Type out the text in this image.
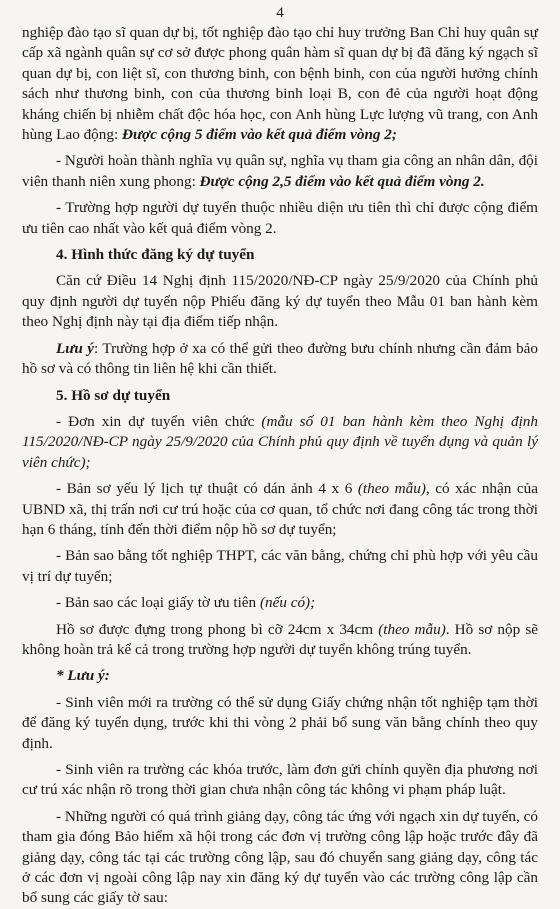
4

nghiệp đào tạo sĩ quan dự bị, tốt nghiệp đào tạo chỉ huy trưởng Ban Chỉ huy quân sự cấp xã ngành quân sự cơ sở được phong quân hàm sĩ quan dự bị đã đăng ký ngạch sĩ quan dự bị, con liệt sĩ, con thương binh, con bệnh binh, con của người hưởng chính sách như thương binh, con của thương binh loại B, con đẻ của người hoạt động kháng chiến bị nhiễm chất độc hóa học, con Anh hùng Lực lượng vũ trang, con Anh hùng Lao động: Được cộng 5 điểm vào kết quả điểm vòng 2;

- Người hoàn thành nghĩa vụ quân sự, nghĩa vụ tham gia công an nhân dân, đội viên thanh niên xung phong: Được cộng 2,5 điểm vào kết quả điểm vòng 2.

- Trường hợp người dự tuyển thuộc nhiều diện ưu tiên thì chỉ được cộng điểm ưu tiên cao nhất vào kết quả điểm vòng 2.

4. Hình thức đăng ký dự tuyển

Căn cứ Điều 14 Nghị định 115/2020/NĐ-CP ngày 25/9/2020 của Chính phủ quy định người dự tuyển nộp Phiếu đăng ký dự tuyển theo Mẫu 01 ban hành kèm theo Nghị định này tại địa điểm tiếp nhận.

Lưu ý: Trường hợp ở xa có thể gửi theo đường bưu chính nhưng cần đảm bảo hồ sơ và có thông tin liên hệ khi cần thiết.

5. Hồ sơ dự tuyển

- Đơn xin dự tuyển viên chức (mẫu số 01 ban hành kèm theo Nghị định 115/2020/NĐ-CP ngày 25/9/2020 của Chính phủ quy định về tuyển dụng và quản lý viên chức);

- Bản sơ yếu lý lịch tự thuật có dán ảnh 4 x 6 (theo mẫu), có xác nhận của UBND xã, thị trấn nơi cư trú hoặc của cơ quan, tổ chức nơi đang công tác trong thời hạn 6 tháng, tính đến thời điểm nộp hồ sơ dự tuyển;

- Bản sao bằng tốt nghiệp THPT, các văn bằng, chứng chỉ phù hợp với yêu cầu vị trí dự tuyển;

- Bản sao các loại giấy tờ ưu tiên (nếu có);

Hồ sơ được đựng trong phong bì cỡ 24cm x 34cm (theo mẫu). Hồ sơ nộp sẽ không hoàn trả kể cả trong trường hợp người dự tuyển không trúng tuyển.

* Lưu ý:

- Sinh viên mới ra trường có thể sử dụng Giấy chứng nhận tốt nghiệp tạm thời để đăng ký tuyển dụng, trước khi thi vòng 2 phải bổ sung văn bằng chính theo quy định.

- Sinh viên ra trường các khóa trước, làm đơn gửi chính quyền địa phương nơi cư trú xác nhận rõ trong thời gian chưa nhận công tác không vi phạm pháp luật.

- Những người có quá trình giảng dạy, công tác ứng với ngạch xin dự tuyển, có tham gia đóng Bảo hiểm xã hội trong các đơn vị trường công lập hoặc trước đây đã giảng dạy, công tác tại các trường công lập, sau đó chuyển sang giảng dạy, công tác ở các đơn vị ngoài công lập nay xin đăng ký dự tuyển vào các trường công lập cần bổ sung các giấy tờ sau:
